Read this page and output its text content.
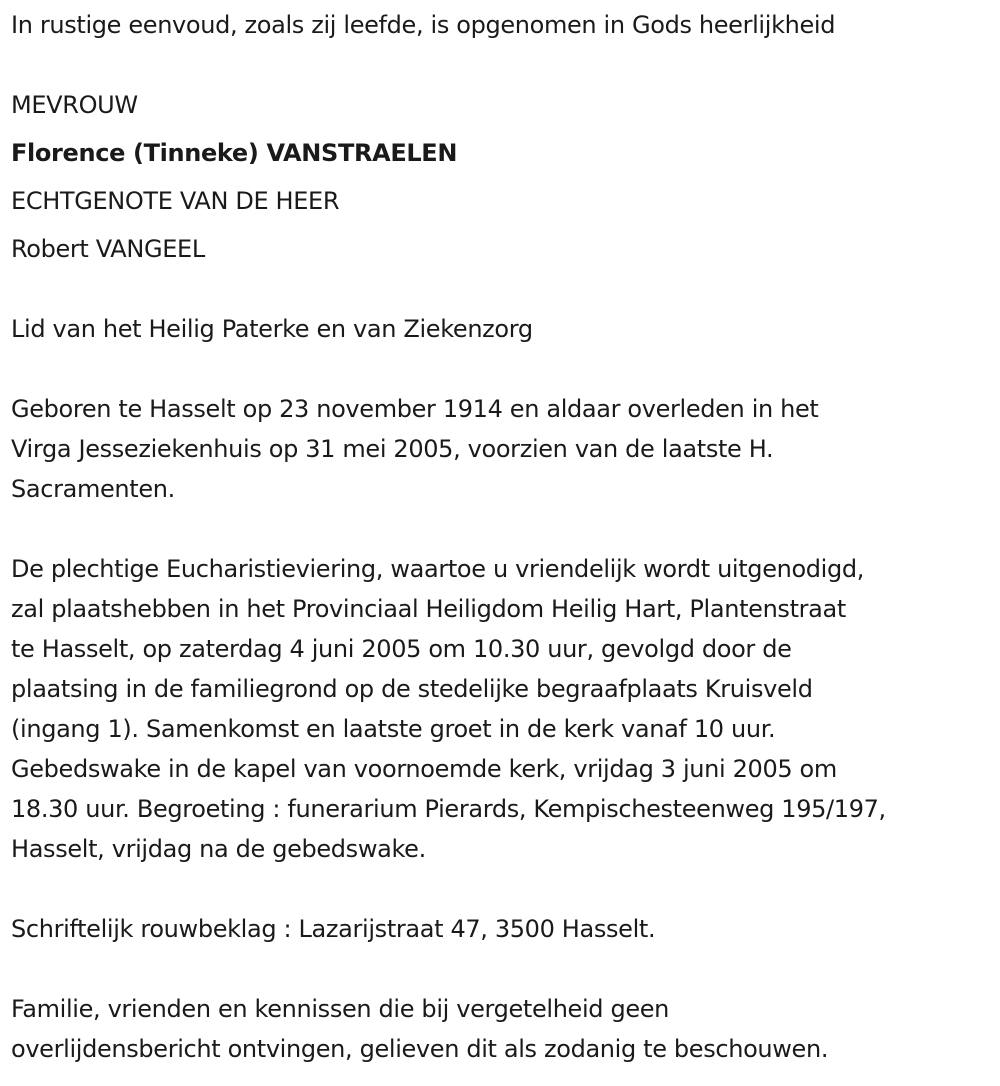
In rustige eenvoud, zoals zij leefde, is opgenomen in Gods heerlijkheid
MEVROUW
Florence (Tinneke) VANSTRAELEN
ECHTGENOTE VAN DE HEER
Robert VANGEEL
Lid van het Heilig Paterke en van Ziekenzorg
Geboren te Hasselt op 23 november 1914 en aldaar overleden in het
Virga Jesseziekenhuis op 31 mei 2005, voorzien van de laatste H.
Sacramenten.
De plechtige Eucharistieviering, waartoe u vriendelijk wordt uitgenodigd,
zal plaatshebben in het Provinciaal Heiligdom Heilig Hart, Plantenstraat
te Hasselt, op zaterdag 4 juni 2005 om 10.30 uur, gevolgd door de
plaatsing in de familiegrond op de stedelijke begraafplaats Kruisveld
(ingang 1). Samenkomst en laatste groet in de kerk vanaf 10 uur.
Gebedswake in de kapel van voornoemde kerk, vrijdag 3 juni 2005 om
18.30 uur. Begroeting : funerarium Pierards, Kempischesteenweg 195/197,
Hasselt, vrijdag na de gebedswake.
Schriftelijk rouwbeklag : Lazarijstraat 47, 3500 Hasselt.
Familie, vrienden en kennissen die bij vergetelheid geen
overlijdensbericht ontvingen, gelieven dit als zodanig te beschouwen.
